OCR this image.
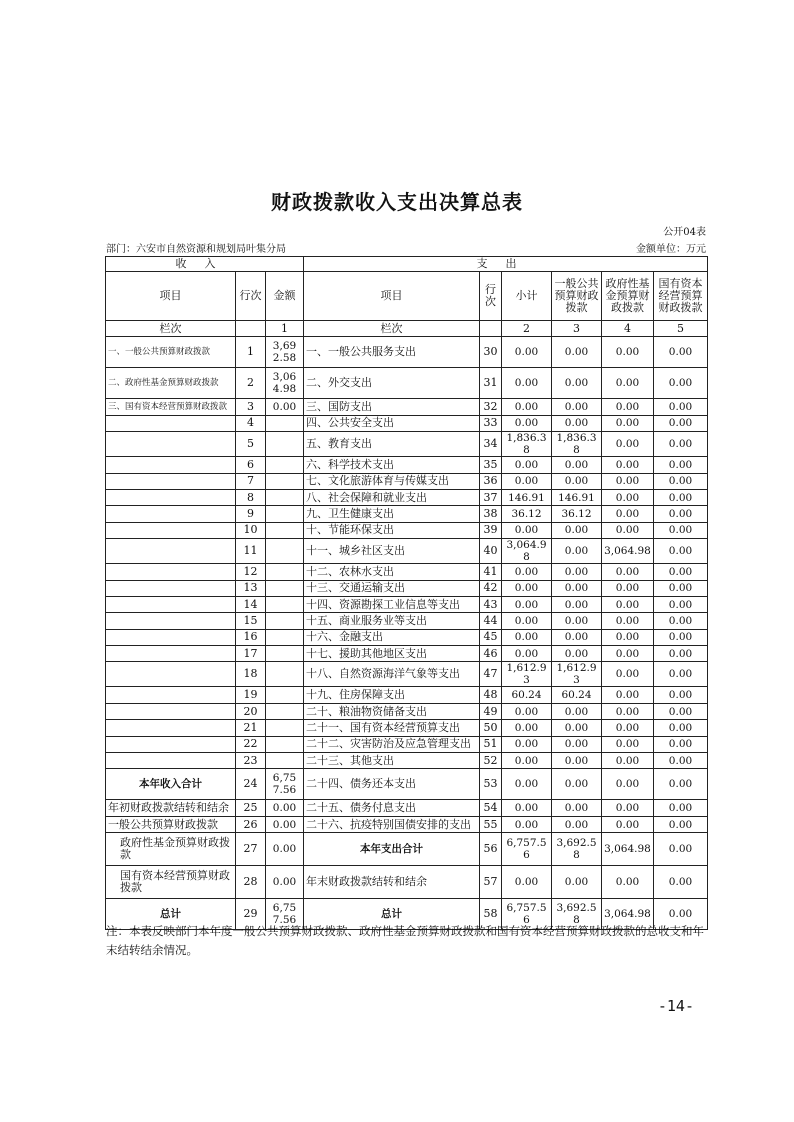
财政拨款收入支出决算总表
公开04表
部门：六安市自然资源和规划局叶集分局	金额单位：万元
收入			支出					
项目	行次	金额	项目	行次	小计	一般公共预算财政拨款	政府性基金预算财政拨款	国有资本经营预算财政拨款
栏次		1	栏次		2	3	4	5
一、一般公共预算财政拨款	1	3,692.58	一、一般公共服务支出	30	0.00	0.00	0.00	0.00
二、政府性基金预算财政拨款	2	3,064.98	二、外交支出	31	0.00	0.00	0.00	0.00
三、国有资本经营预算财政拨款	3	0.00	三、国防支出	32	0.00	0.00	0.00	0.00
	4		四、公共安全支出	33	0.00	0.00	0.00	0.00
	5		五、教育支出	34	1,836.38	1,836.38	0.00	0.00
	6		六、科学技术支出	35	0.00	0.00	0.00	0.00
	7		七、文化旅游体育与传媒支出	36	0.00	0.00	0.00	0.00
	8		八、社会保障和就业支出	37	146.91	146.91	0.00	0.00
	9		九、卫生健康支出	38	36.12	36.12	0.00	0.00
	10		十、节能环保支出	39	0.00	0.00	0.00	0.00
	11		十一、城乡社区支出	40	3,064.98	0.00	3,064.98	0.00
	12		十二、农林水支出	41	0.00	0.00	0.00	0.00
	13		十三、交通运输支出	42	0.00	0.00	0.00	0.00
	14		十四、资源勘探工业信息等支出	43	0.00	0.00	0.00	0.00
	15		十五、商业服务业等支出	44	0.00	0.00	0.00	0.00
	16		十六、金融支出	45	0.00	0.00	0.00	0.00
	17		十七、援助其他地区支出	46	0.00	0.00	0.00	0.00
	18		十八、自然资源海洋气象等支出	47	1,612.93	1,612.93	0.00	0.00
	19		十九、住房保障支出	48	60.24	60.24	0.00	0.00
	20		二十、粮油物资储备支出	49	0.00	0.00	0.00	0.00
	21		二十一、国有资本经营预算支出	50	0.00	0.00	0.00	0.00
	22		二十二、灾害防治及应急管理支出	51	0.00	0.00	0.00	0.00
	23		二十三、其他支出	52	0.00	0.00	0.00	0.00
本年收入合计	24	6,757.56	二十四、债务还本支出	53	0.00	0.00	0.00	0.00
年初财政拨款结转和结余	25	0.00	二十五、债务付息支出	54	0.00	0.00	0.00	0.00
一般公共预算财政拨款	26	0.00	二十六、抗疫特别国债安排的支出	55	0.00	0.00	0.00	0.00
政府性基金预算财政拨款	27	0.00	本年支出合计	56	6,757.56	3,692.58	3,064.98	0.00
国有资本经营预算财政拨款	28	0.00	年末财政拨款结转和结余	57	0.00	0.00	0.00	0.00
总计	29	6,757.56	总计	58	6,757.56	3,692.58	3,064.98	0.00
注：本表反映部门本年度一般公共预算财政拨款、政府性基金预算财政拨款和国有资本经营预算财政拨款的总收支和年末结转结余情况。
-14-
